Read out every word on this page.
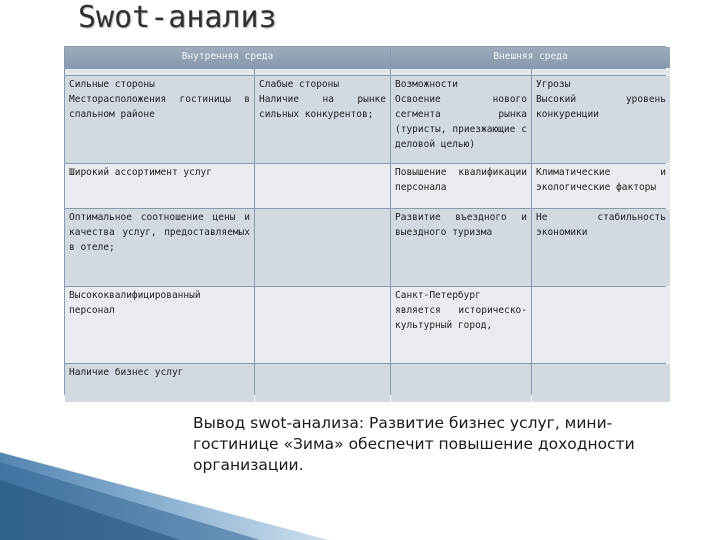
Swot-анализ
Внутренняя среда	Внешняя среда
Сильные стороны
Месторасположения гостиницы в спальном районе
Слабые стороны
Наличие на рынке сильных конкурентов;
Возможности
Освоение нового сегмента рынка (туристы, приезжающие с деловой целью)
Угрозы
Высокий уровень конкуренции
Широкий ассортимент услуг	Повышение квалификации персонала
Климатические и экологические факторы
Оптимальное соотношение цены и качества услуг, предоставляемых в отеле;
Развитие въездного и выездного туризма
Не стабильность экономики
Высококвалифицированный персонал
Санкт-Петербург является историческо-культурный город,
Наличие бизнес услуг
Вывод swot-анализа: Развитие бизнес услуг, мини-гостинице «Зима» обеспечит повышение доходности организации.
